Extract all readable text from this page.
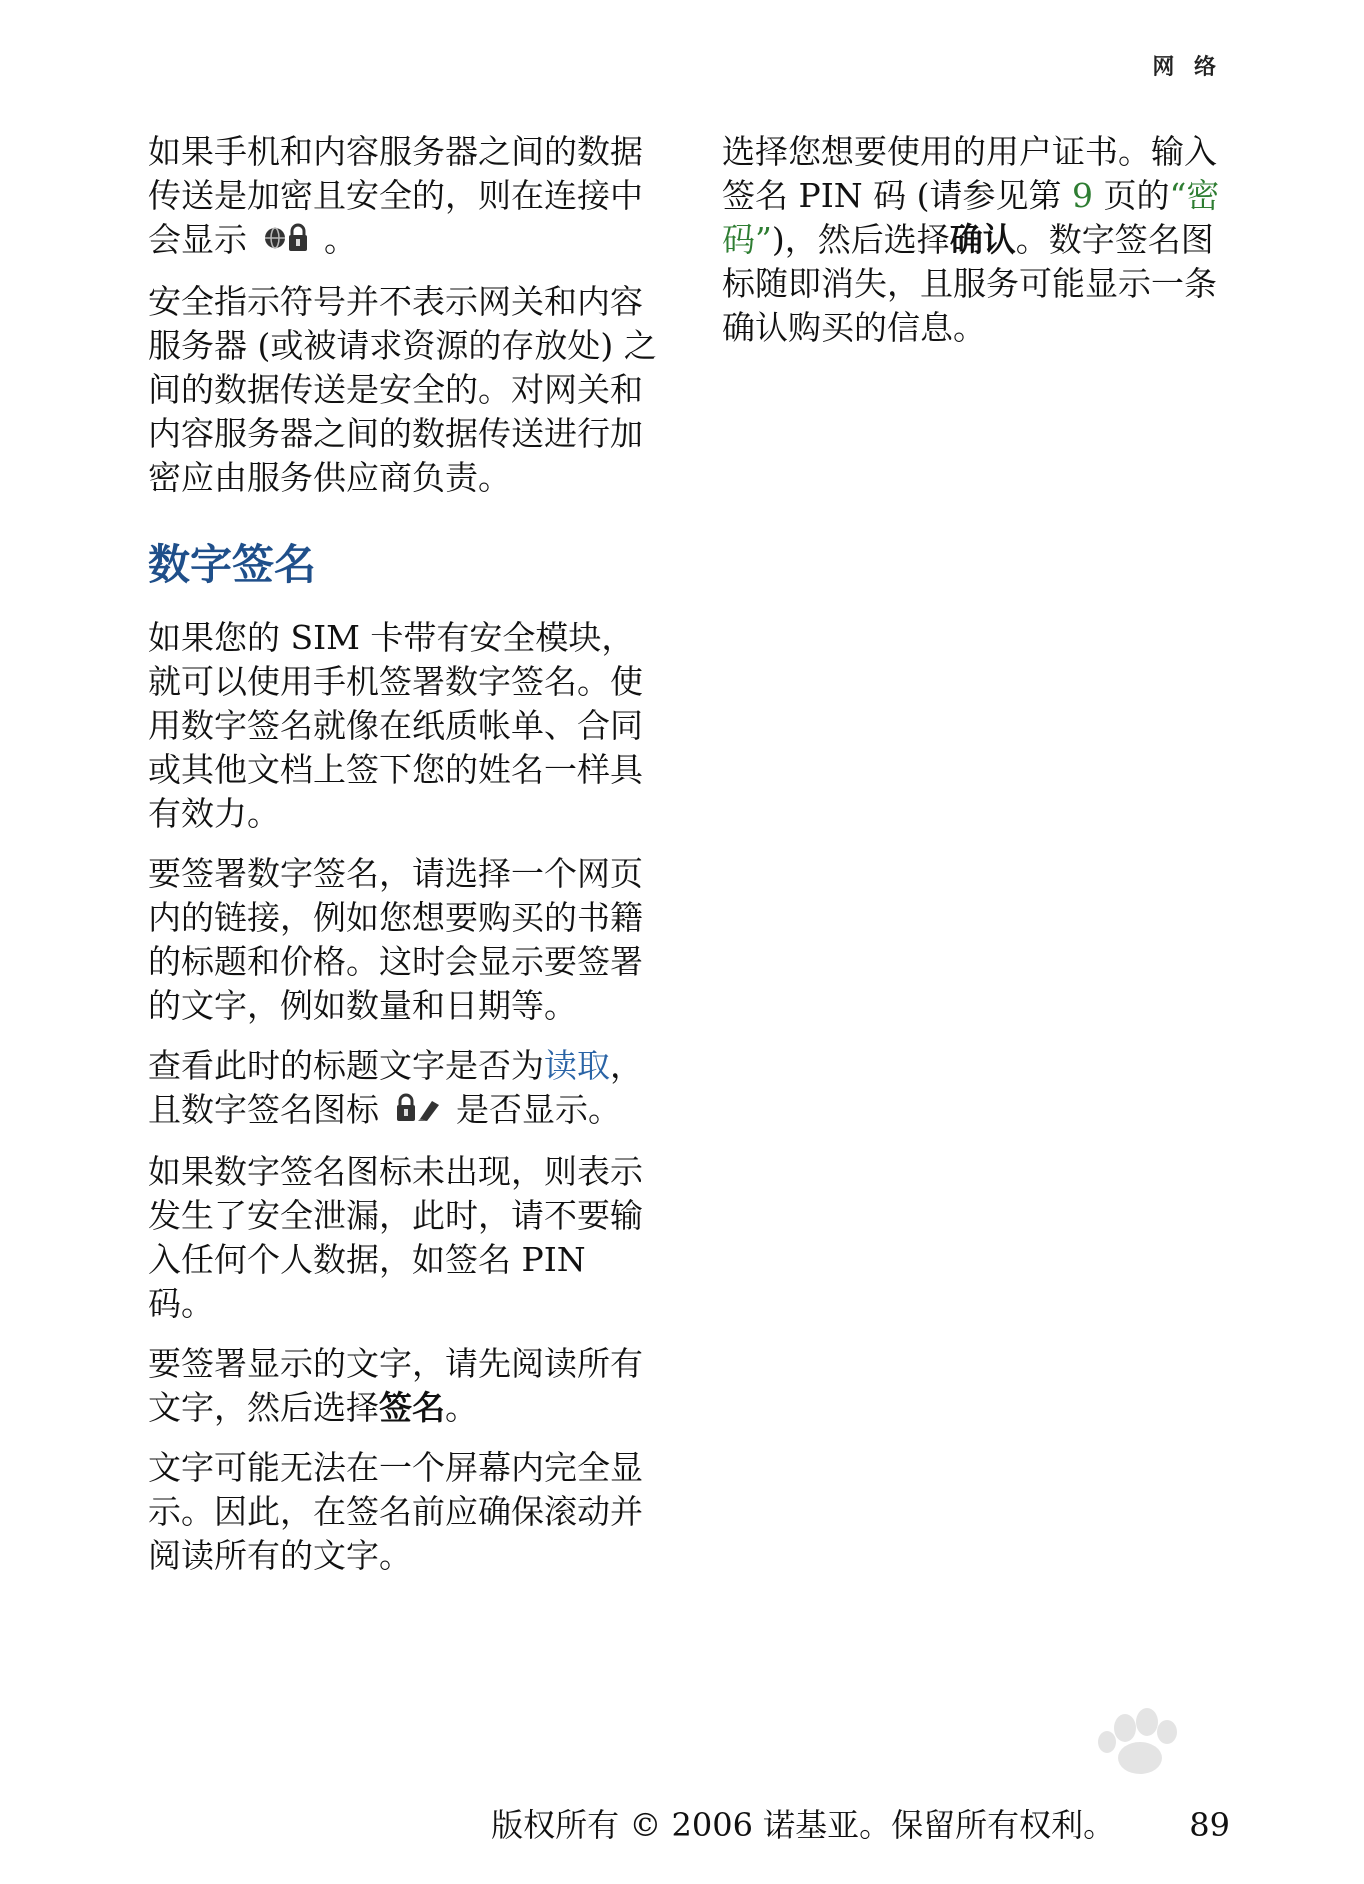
网 络

如果手机和内容服务器之间的数据传送是加密且安全的，则在连接中会显示 。

安全指示符号并不表示网关和内容服务器 (或被请求资源的存放处) 之间的数据传送是安全的。对网关和内容服务器之间的数据传送进行加密应由服务供应商负责。

数字签名

如果您的 SIM 卡带有安全模块，就可以使用手机签署数字签名。使用数字签名就像在纸质帐单、合同或其他文档上签下您的姓名一样具有效力。

要签署数字签名，请选择一个网页内的链接，例如您想要购买的书籍的标题和价格。这时会显示要签署的文字，例如数量和日期等。

查看此时的标题文字是否为读取，且数字签名图标 是否显示。

如果数字签名图标未出现，则表示发生了安全泄漏，此时，请不要输入任何个人数据，如签名 PIN 码。

要签署显示的文字，请先阅读所有文字，然后选择签名。

文字可能无法在一个屏幕内完全显示。因此，在签名前应确保滚动并阅读所有的文字。

选择您想要使用的用户证书。输入签名 PIN 码 (请参见第 9 页的“密码”)，然后选择确认。数字签名图标随即消失，且服务可能显示一条确认购买的信息。

版权所有 © 2006 诺基亚。保留所有权利。 89
